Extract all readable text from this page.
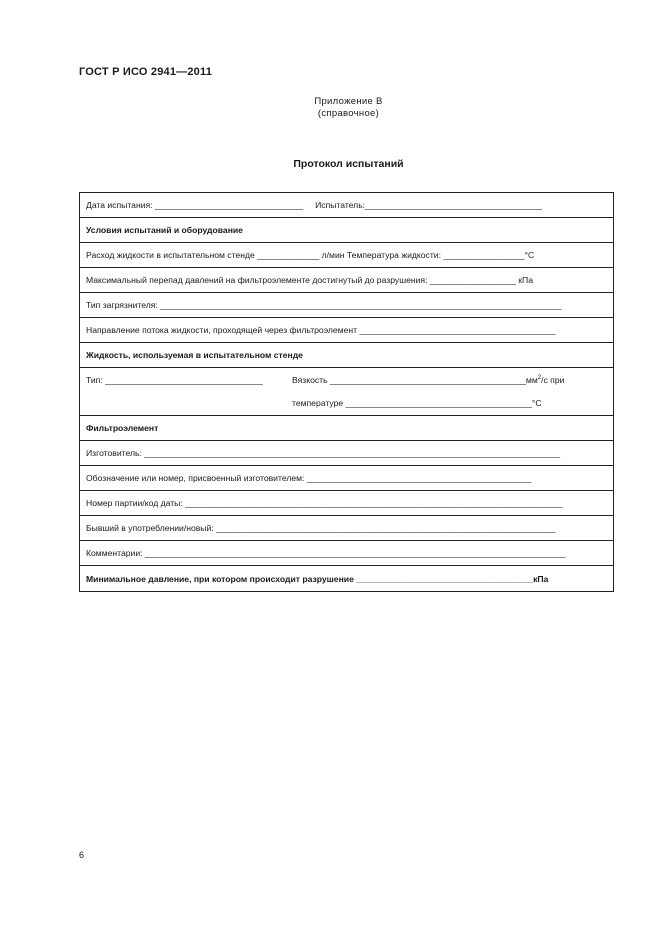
ГОСТ Р ИСО 2941—2011
Приложение В
(справочное)
Протокол испытаний
Дата испытания: _______________________________ Испытатель:_____________________________________
Условия испытаний и оборудование
Расход жидкости в испытательном стенде _____________ л/мин Температура жидкости: _________________°С
Максимальный перепад давлений на фильтроэлементе достигнутый до разрушения: __________________ кПа
Тип загрязнителя: ____________________________________________________________________________________
Направление потока жидкости, проходящей через фильтроэлемент _________________________________________
Жидкость, используемая в испытательном стенде
Тип: _________________________________	Вязкость $\_\_\_\_\_\_\_\_\_\_\_\_\_\_\_\_\_\_\_\_\_\_\_\_\_\_\_\_\_\_\_\_\_\_\_\_\_\_\_\_\_мм^2/с$ при
температуре _______________________________________°С
Фильтроэлемент
Изготовитель: _______________________________________________________________________________________
Обозначение или номер, присвоенный изготовителем: _______________________________________________
Номер партии/код даты: _______________________________________________________________________________
Бывший в употреблении/новый: _______________________________________________________________________
Комментарии: ________________________________________________________________________________________
Минимальное давление, при котором происходит разрушение _____________________________________кПа
6
